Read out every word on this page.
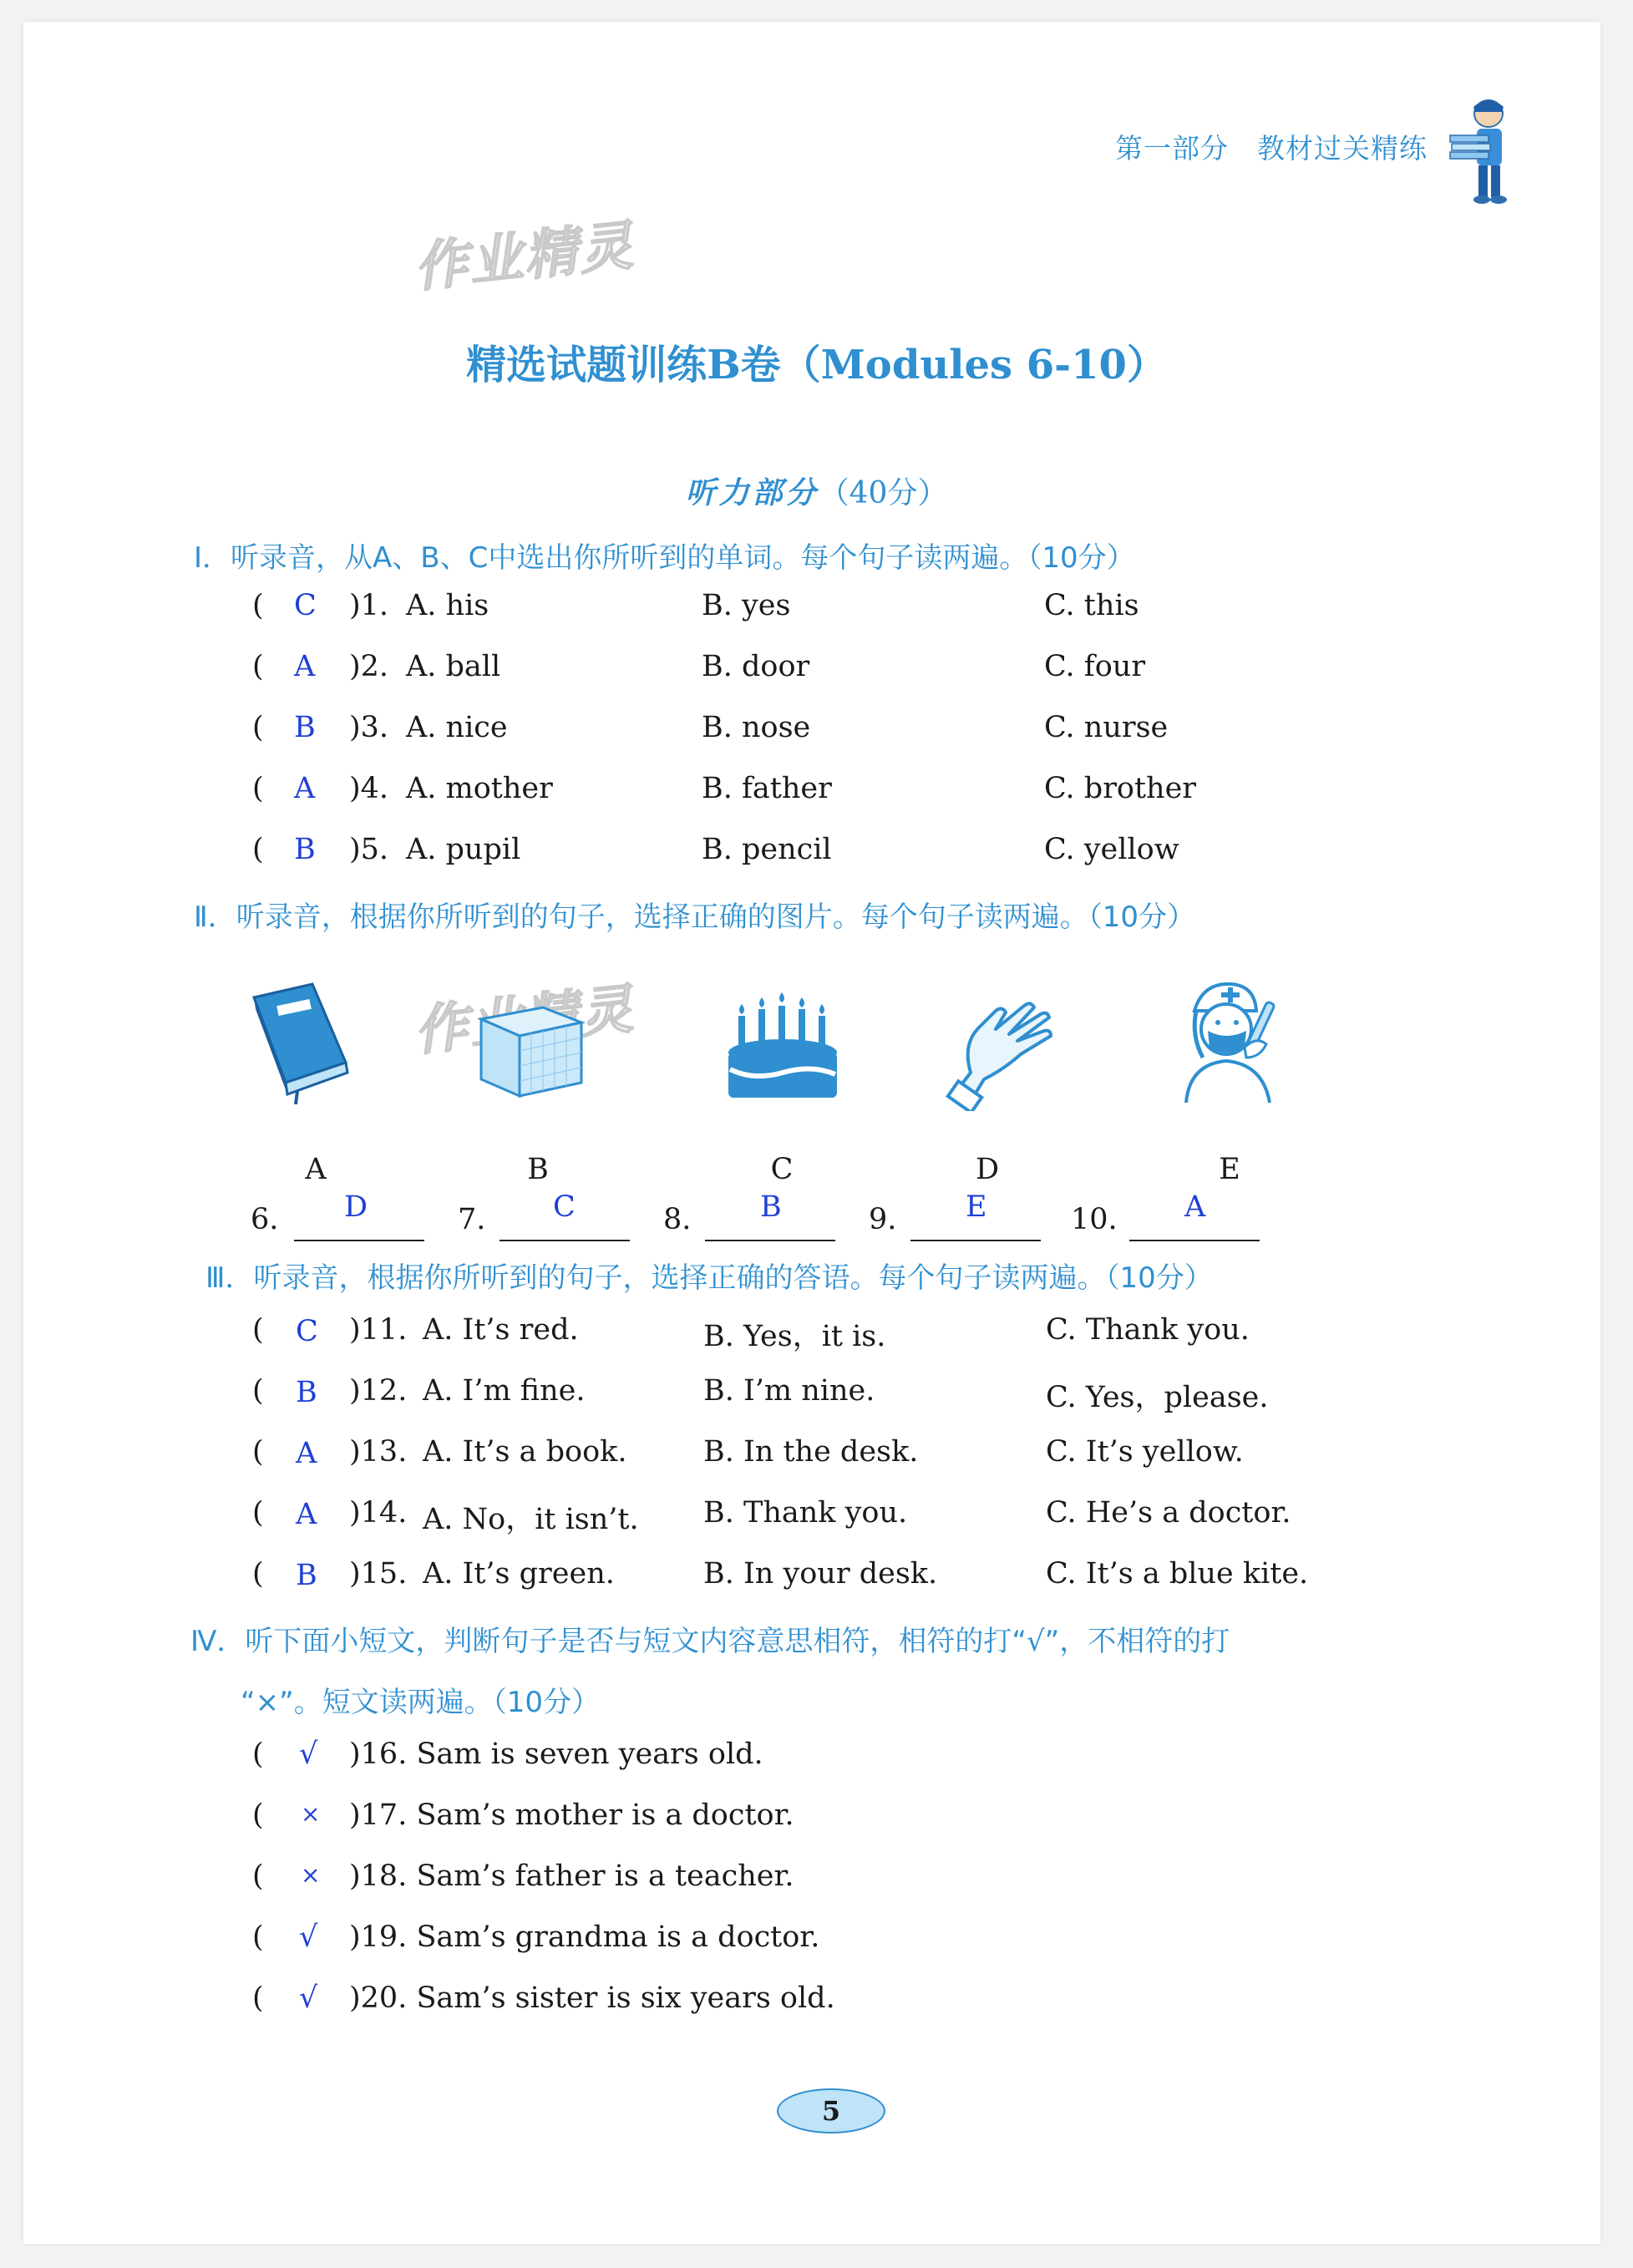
第一部分　教材过关精练
作业精灵
精选试题训练B卷（Modules 6-10）
听力部分（40分）
Ⅰ．听录音，从A、B、C中选出你所听到的单词。每个句子读两遍。（10分）
( C )1. A. his	B. yes	C. this
( A )2. A. ball	B. door	C. four
( B )3. A. nice	B. nose	C. nurse
( A )4. A. mother	B. father	C. brother
( B )5. A. pupil	B. pencil	C. yellow
Ⅱ．听录音，根据你所听到的句子，选择正确的图片。每个句子读两遍。（10分）
A	B	C	D	E
6. D	7. C	8. B	9. E	10. A
Ⅲ．听录音，根据你所听到的句子，选择正确的答语。每个句子读两遍。（10分）
( C )11. A. It’s red.	B. Yes，it is.	C. Thank you.
( B )12. A. I’m fine.	B. I’m nine.	C. Yes，please.
( A )13. A. It’s a book.	B. In the desk.	C. It’s yellow.
( A )14. A. No，it isn’t. B. Thank you.	C. He’s a doctor.
( B )15. A. It’s green.	B. In your desk.	C. It’s a blue kite.
Ⅳ．听下面小短文，判断句子是否与短文内容意思相符，相符的打“√”，不相符的打
“×”。短文读两遍。（10分）
( √ )16. Sam is seven years old.
( × )17. Sam’s mother is a doctor.
( × )18. Sam’s father is a teacher.
( √ )19. Sam’s grandma is a doctor.
( √ )20. Sam’s sister is six years old.
5
